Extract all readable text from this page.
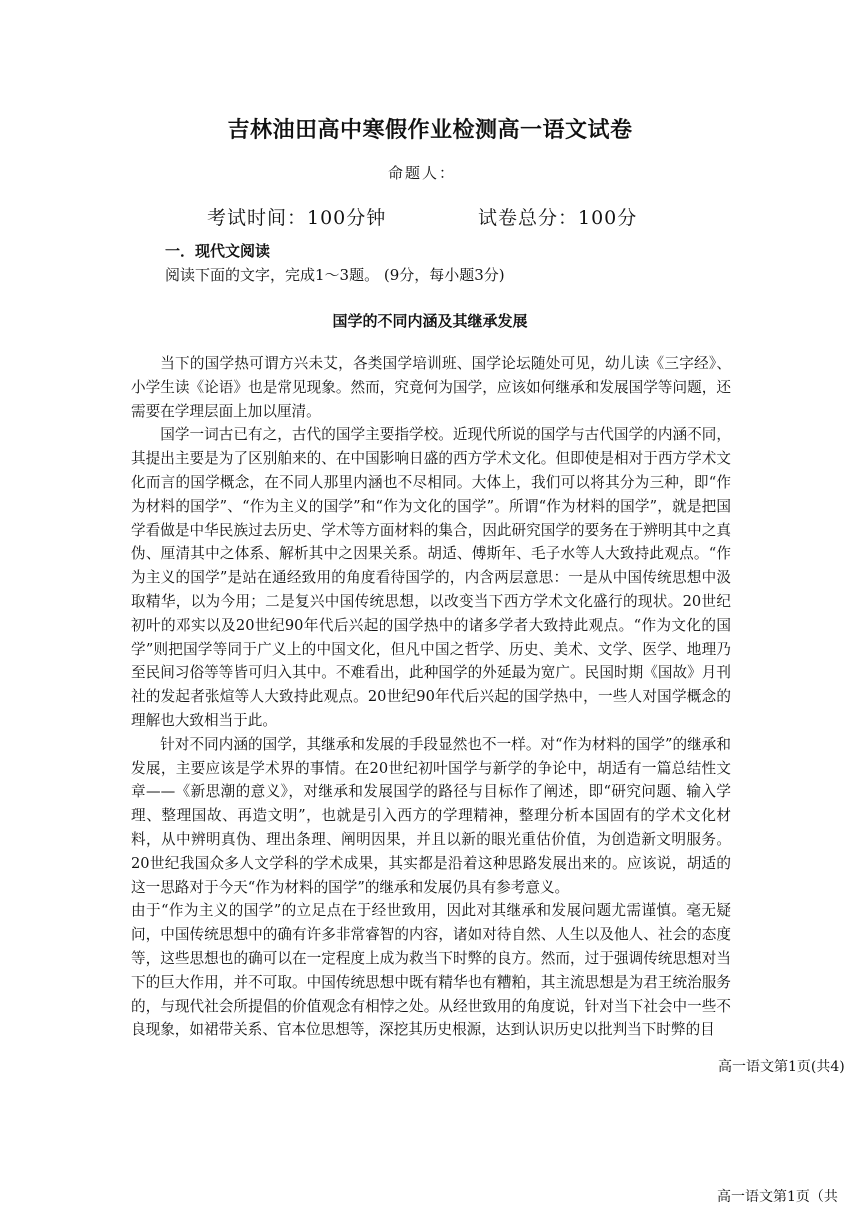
吉林油田高中寒假作业检测高一语文试卷
命题人：
考试时间：100分钟	试卷总分：100分
一．现代文阅读
阅读下面的文字，完成1～3题。 (9分，每小题3分)
国学的不同内涵及其继承发展

当下的国学热可谓方兴未艾，各类国学培训班、国学论坛随处可见，幼儿读《三字经》、小学生读《论语》也是常见现象。然而，究竟何为国学，应该如何继承和发展国学等问题，还需要在学理层面上加以厘清。

国学一词古已有之，古代的国学主要指学校。近现代所说的国学与古代国学的内涵不同，其提出主要是为了区别舶来的、在中国影响日盛的西方学术文化。但即使是相对于西方学术文化而言的国学概念，在不同人那里内涵也不尽相同。大体上，我们可以将其分为三种，即“作为材料的国学”、“作为主义的国学”和“作为文化的国学”。所谓“作为材料的国学”，就是把国学看做是中华民族过去历史、学术等方面材料的集合，因此研究国学的要务在于辨明其中之真伪、厘清其中之体系、解析其中之因果关系。胡适、傅斯年、毛子水等人大致持此观点。“作为主义的国学”是站在通经致用的角度看待国学的，内含两层意思：一是从中国传统思想中汲取精华，以为今用；二是复兴中国传统思想，以改变当下西方学术文化盛行的现状。20世纪初叶的邓实以及20世纪90年代后兴起的国学热中的诸多学者大致持此观点。“作为文化的国学”则把国学等同于广义上的中国文化，但凡中国之哲学、历史、美术、文学、医学、地理乃至民间习俗等等皆可归入其中。不难看出，此种国学的外延最为宽广。民国时期《国故》月刊社的发起者张煊等人大致持此观点。20世纪90年代后兴起的国学热中，一些人对国学概念的理解也大致相当于此。

针对不同内涵的国学，其继承和发展的手段显然也不一样。对“作为材料的国学”的继承和发展，主要应该是学术界的事情。在20世纪初叶国学与新学的争论中，胡适有一篇总结性文章——《新思潮的意义》，对继承和发展国学的路径与目标作了阐述，即“研究问题、输入学理、整理国故、再造文明”，也就是引入西方的学理精神，整理分析本国固有的学术文化材料，从中辨明真伪、理出条理、阐明因果，并且以新的眼光重估价值，为创造新文明服务。20世纪我国众多人文学科的学术成果，其实都是沿着这种思路发展出来的。应该说，胡适的这一思路对于今天“作为材料的国学”的继承和发展仍具有参考意义。

由于“作为主义的国学”的立足点在于经世致用，因此对其继承和发展问题尤需谨慎。毫无疑问，中国传统思想中的确有许多非常睿智的内容，诸如对待自然、人生以及他人、社会的态度等，这些思想也的确可以在一定程度上成为救当下时弊的良方。然而，过于强调传统思想对当下的巨大作用，并不可取。中国传统思想中既有精华也有糟粕，其主流思想是为君王统治服务的，与现代社会所提倡的价值观念有相悖之处。从经世致用的角度说，针对当下社会中一些不良现象，如裙带关系、官本位思想等，深挖其历史根源，达到认识历史以批判当下时弊的目

高一语文第1页(共4)
高一语文第1页（共
